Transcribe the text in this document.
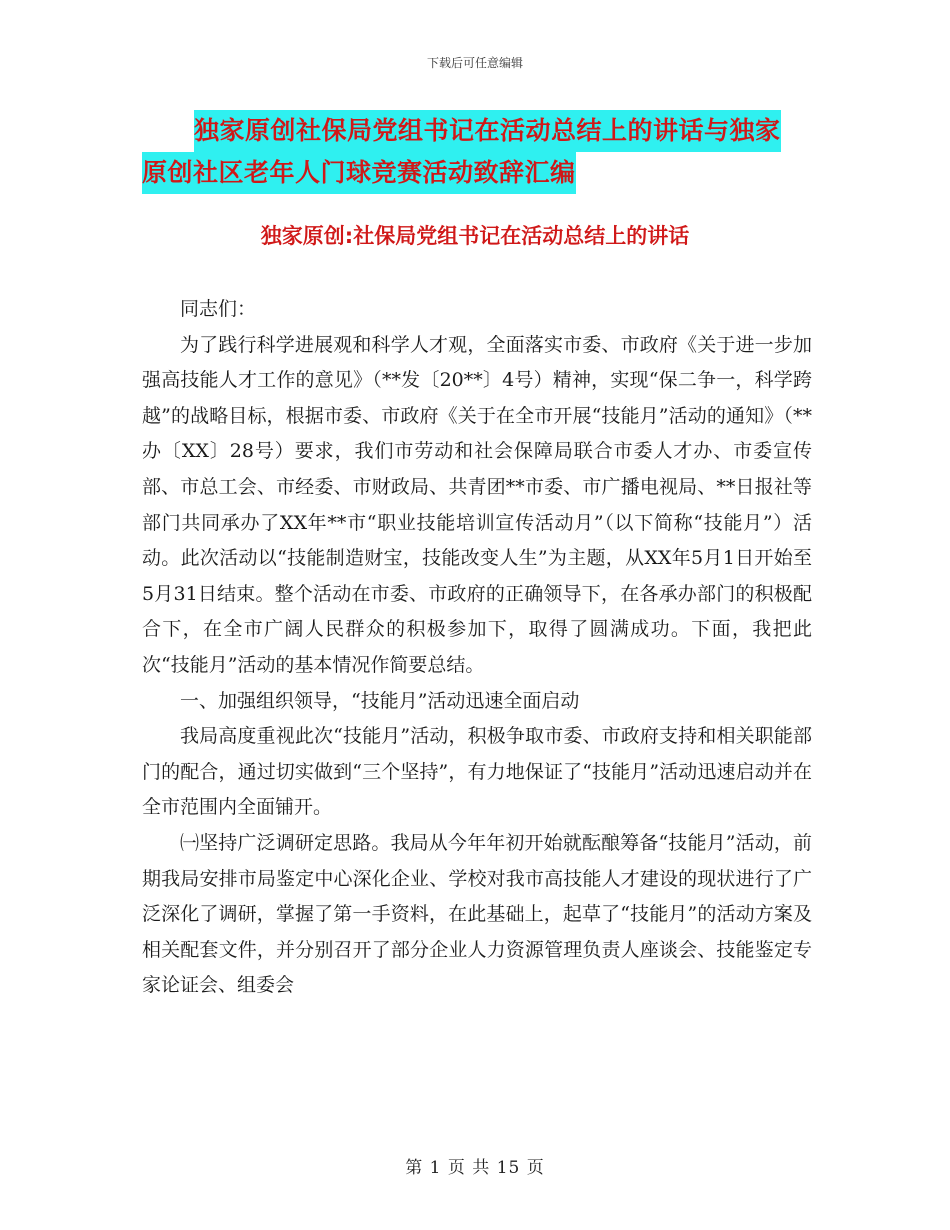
下载后可任意编辑
独家原创社保局党组书记在活动总结上的讲话与独家
原创社区老年人门球竞赛活动致辞汇编
独家原创:社保局党组书记在活动总结上的讲话

同志们：

为了践行科学进展观和科学人才观，全面落实市委、市政府《关于进一步加强高技能人才工作的意见》（**发〔20**〕4号）精神，实现“保二争一，科学跨越”的战略目标，根据市委、市政府《关于在全市开展“技能月”活动的通知》（**办〔XX〕28号）要求，我们市劳动和社会保障局联合市委人才办、市委宣传部、市总工会、市经委、市财政局、共青团**市委、市广播电视局、**日报社等部门共同承办了XX年**市“职业技能培训宣传活动月”（以下简称“技能月”）活动。此次活动以“技能制造财宝，技能改变人生”为主题，从XX年5月1日开始至5月31日结束。整个活动在市委、市政府的正确领导下，在各承办部门的积极配合下，在全市广阔人民群众的积极参加下，取得了圆满成功。下面，我把此次“技能月”活动的基本情况作简要总结。

一、加强组织领导，“技能月”活动迅速全面启动

我局高度重视此次“技能月”活动，积极争取市委、市政府支持和相关职能部门的配合，通过切实做到“三个坚持”，有力地保证了“技能月”活动迅速启动并在全市范围内全面铺开。

㈠坚持广泛调研定思路。我局从今年年初开始就酝酿筹备“技能月”活动，前期我局安排市局鉴定中心深化企业、学校对我市高技能人才建设的现状进行了广泛深化了调研，掌握了第一手资料，在此基础上，起草了“技能月”的活动方案及相关配套文件，并分别召开了部分企业人力资源管理负责人座谈会、技能鉴定专家论证会、组委会

第 1 页 共 15 页
